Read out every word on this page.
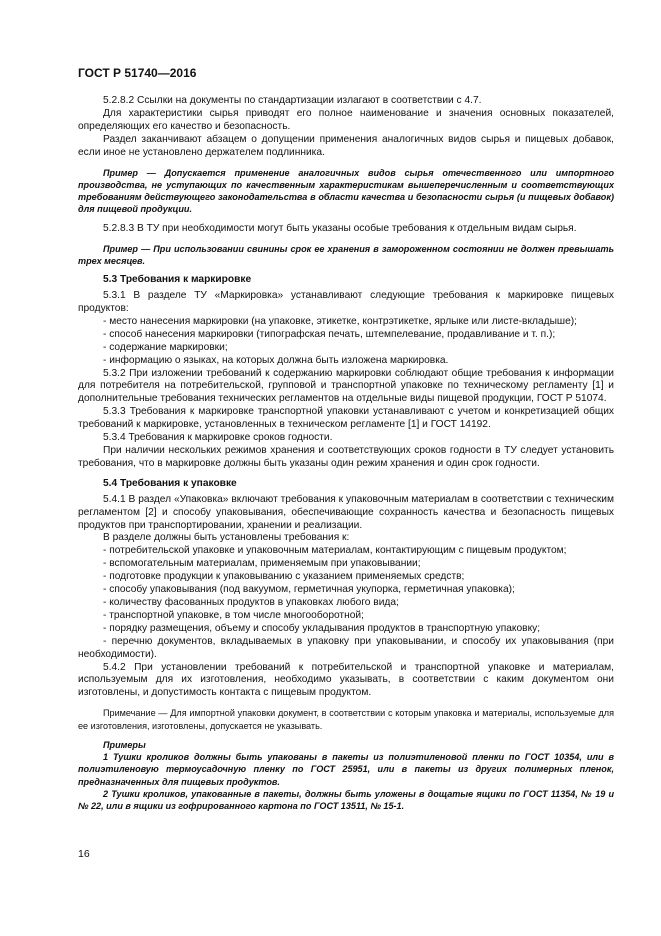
ГОСТ Р 51740—2016

5.2.8.2 Ссылки на документы по стандартизации излагают в соответствии с 4.7.

Для характеристики сырья приводят его полное наименование и значения основных показателей, определяющих его качество и безопасность.

Раздел заканчивают абзацем о допущении применения аналогичных видов сырья и пищевых добавок, если иное не установлено держателем подлинника.

Пример — Допускается применение аналогичных видов сырья отечественного или импортного производства, не уступающих по качественным характеристикам вышеперечисленным и соответствующих требованиям действующего законодательства в области качества и безопасности сырья (и пищевых добавок) для пищевой продукции.

5.2.8.3 В ТУ при необходимости могут быть указаны особые требования к отдельным видам сырья.

Пример — При использовании свинины срок ее хранения в замороженном состоянии не должен превышать трех месяцев.

5.3 Требования к маркировке

5.3.1 В разделе ТУ «Маркировка» устанавливают следующие требования к маркировке пищевых продуктов:

- место нанесения маркировки (на упаковке, этикетке, контрэтикетке, ярлыке или листе-вкладыше);

- способ нанесения маркировки (типографская печать, штемпелевание, продавливание и т. п.);

- содержание маркировки;

- информацию о языках, на которых должна быть изложена маркировка.

5.3.2 При изложении требований к содержанию маркировки соблюдают общие требования к информации для потребителя на потребительской, групповой и транспортной упаковке по техническому регламенту [1] и дополнительные требования технических регламентов на отдельные виды пищевой продукции, ГОСТ Р 51074.

5.3.3 Требования к маркировке транспортной упаковки устанавливают с учетом и конкретизацией общих требований к маркировке, установленных в техническом регламенте [1] и ГОСТ 14192.

5.3.4 Требования к маркировке сроков годности.

При наличии нескольких режимов хранения и соответствующих сроков годности в ТУ следует установить требования, что в маркировке должны быть указаны один режим хранения и один срок годности.

5.4 Требования к упаковке

5.4.1 В раздел «Упаковка» включают требования к упаковочным материалам в соответствии с техническим регламентом [2] и способу упаковывания, обеспечивающие сохранность качества и безопасность пищевых продуктов при транспортировании, хранении и реализации.

В разделе должны быть установлены требования к:

- потребительской упаковке и упаковочным материалам, контактирующим с пищевым продуктом;

- вспомогательным материалам, применяемым при упаковывании;

- подготовке продукции к упаковыванию с указанием применяемых средств;

- способу упаковывания (под вакуумом, герметичная укупорка, герметичная упаковка);

- количеству фасованных продуктов в упаковках любого вида;

- транспортной упаковке, в том числе многооборотной;

- порядку размещения, объему и способу укладывания продуктов в транспортную упаковку;

- перечню документов, вкладываемых в упаковку при упаковывании, и способу их упаковывания (при необходимости).

5.4.2 При установлении требований к потребительской и транспортной упаковке и материалам, используемым для их изготовления, необходимо указывать, в соответствии с каким документом они изготовлены, и допустимость контакта с пищевым продуктом.

Примечание — Для импортной упаковки документ, в соответствии с которым упаковка и материалы, используемые для ее изготовления, изготовлены, допускается не указывать.

Примеры

1 Тушки кроликов должны быть упакованы в пакеты из полиэтиленовой пленки по ГОСТ 10354, или в полиэтиленовую термоусадочную пленку по ГОСТ 25951, или в пакеты из других полимерных пленок, предназначенных для пищевых продуктов.

2 Тушки кроликов, упакованные в пакеты, должны быть уложены в дощатые ящики по ГОСТ 11354, № 19 и № 22, или в ящики из гофрированного картона по ГОСТ 13511, № 15-1.

16
